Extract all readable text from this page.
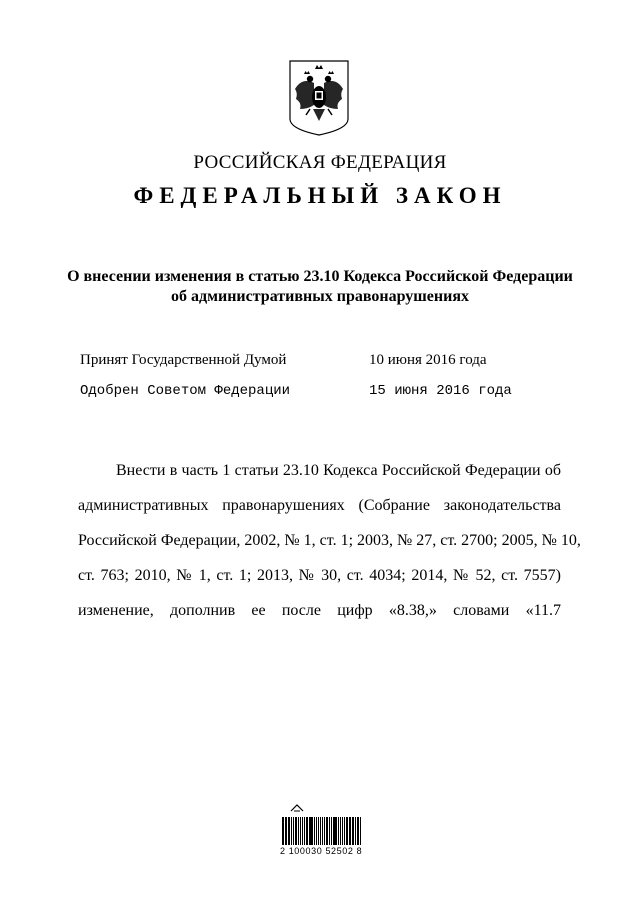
РОССИЙСКАЯ ФЕДЕРАЦИЯ
ФЕДЕРАЛЬНЫЙ ЗАКОН
О внесении изменения в статью 23.10 Кодекса Российской Федерации
об административных правонарушениях
Принят Государственной Думой	10 июня 2016 года
Одобрен Советом Федерации	15 июня 2016 года
Внести в часть 1 статьи 23.10 Кодекса Российской Федерации об
административных правонарушениях (Собрание законодательства
Российской Федерации, 2002, № 1, ст. 1; 2003, № 27, ст. 2700; 2005, № 10,
ст. 763; 2010, № 1, ст. 1; 2013, № 30, ст. 4034; 2014, № 52, ст. 7557)
изменение, дополнив ее после цифр «8.38,» словами «11.7
2 100030 52502 8
